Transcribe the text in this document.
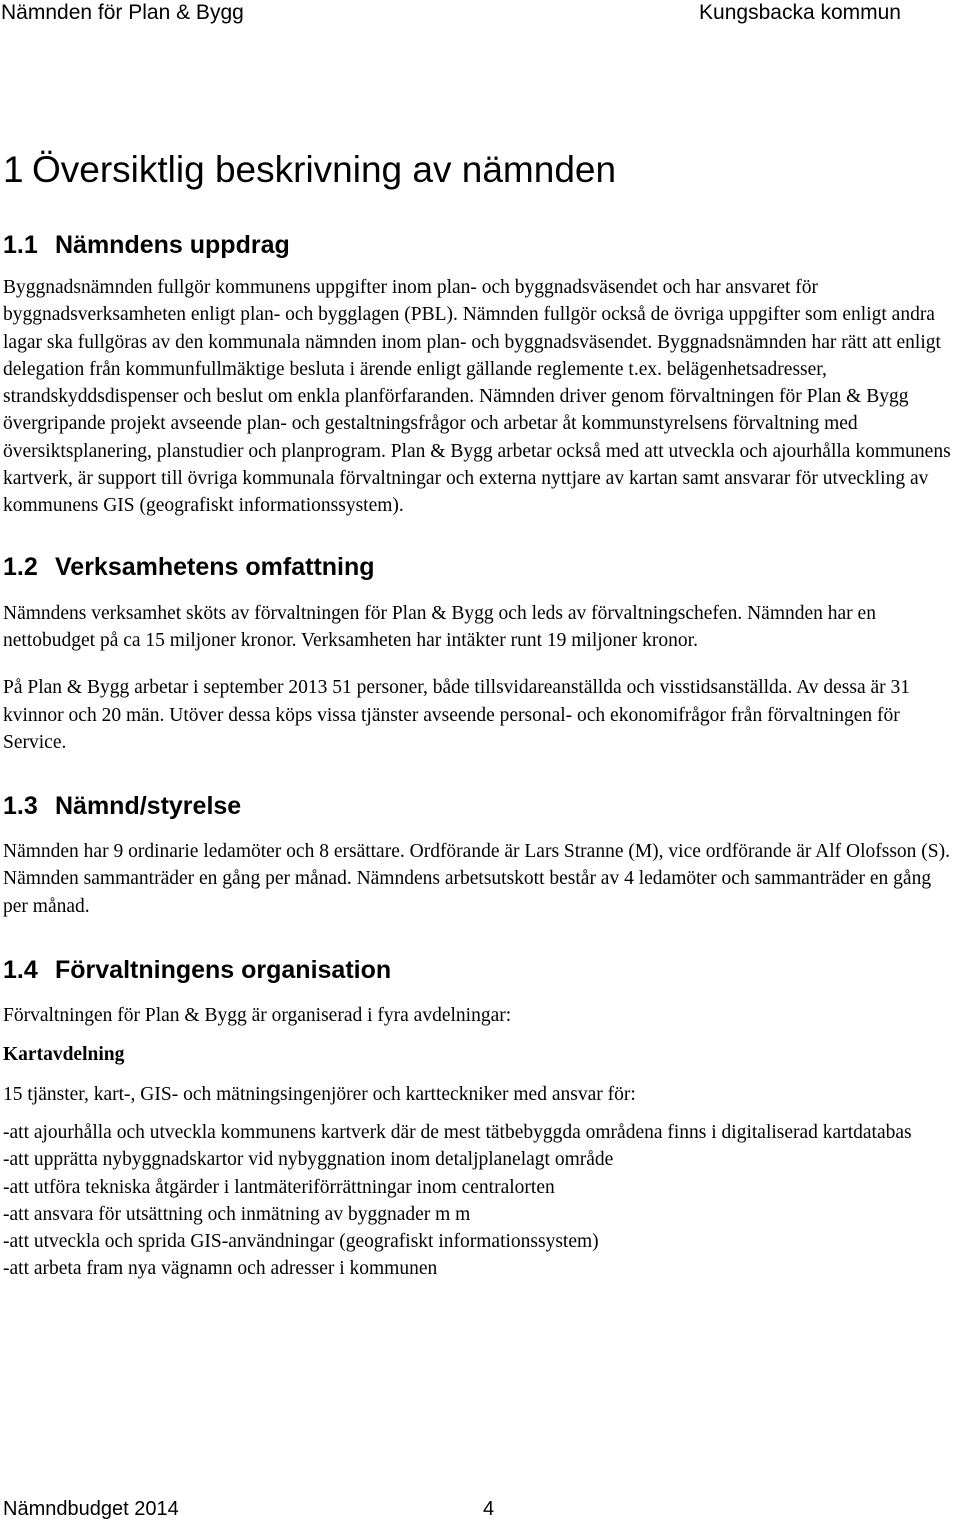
Nämnden för Plan & Bygg	Kungsbacka kommun
1 Översiktlig beskrivning av nämnden
1.1 Nämndens uppdrag

Byggnadsnämnden fullgör kommunens uppgifter inom plan- och byggnadsväsendet och har ansvaret för byggnadsverksamheten enligt plan- och bygglagen (PBL). Nämnden fullgör också de övriga uppgifter som enligt andra lagar ska fullgöras av den kommunala nämnden inom plan- och byggnadsväsendet. Byggnadsnämnden har rätt att enligt delegation från kommunfullmäktige besluta i ärende enligt gällande reglemente t.ex. belägenhetsadresser, strandskyddsdispenser och beslut om enkla planförfaranden. Nämnden driver genom förvaltningen för Plan & Bygg övergripande projekt avseende plan- och gestaltningsfrågor och arbetar åt kommunstyrelsens förvaltning med översiktsplanering, planstudier och planprogram. Plan & Bygg arbetar också med att utveckla och ajourhålla kommunens kartverk, är support till övriga kommunala förvaltningar och externa nyttjare av kartan samt ansvarar för utveckling av kommunens GIS (geografiskt informationssystem).

1.2 Verksamhetens omfattning

Nämndens verksamhet sköts av förvaltningen för Plan & Bygg och leds av förvaltningschefen. Nämnden har en nettobudget på ca 15 miljoner kronor. Verksamheten har intäkter runt 19 miljoner kronor.

På Plan & Bygg arbetar i september 2013 51 personer, både tillsvidareanställda och visstidsanställda. Av dessa är 31 kvinnor och 20 män. Utöver dessa köps vissa tjänster avseende personal- och ekonomifrågor från förvaltningen för Service.

1.3 Nämnd/styrelse

Nämnden har 9 ordinarie ledamöter och 8 ersättare. Ordförande är Lars Stranne (M), vice ordförande är Alf Olofsson (S). Nämnden sammanträder en gång per månad. Nämndens arbetsutskott består av 4 ledamöter och sammanträder en gång per månad.

1.4 Förvaltningens organisation

Förvaltningen för Plan & Bygg är organiserad i fyra avdelningar:

Kartavdelning

15 tjänster, kart-, GIS- och mätningsingenjörer och kartteckniker med ansvar för:

-att ajourhålla och utveckla kommunens kartverk där de mest tätbebyggda områdena finns i digitaliserad kartdatabas

-att upprätta nybyggnadskartor vid nybyggnation inom detaljplanelagt område

-att utföra tekniska åtgärder i lantmäteriförrättningar inom centralorten

-att ansvara för utsättning och inmätning av byggnader m m

-att utveckla och sprida GIS-användningar (geografiskt informationssystem)

-att arbeta fram nya vägnamn och adresser i kommunen

Nämndbudget 2014	4
